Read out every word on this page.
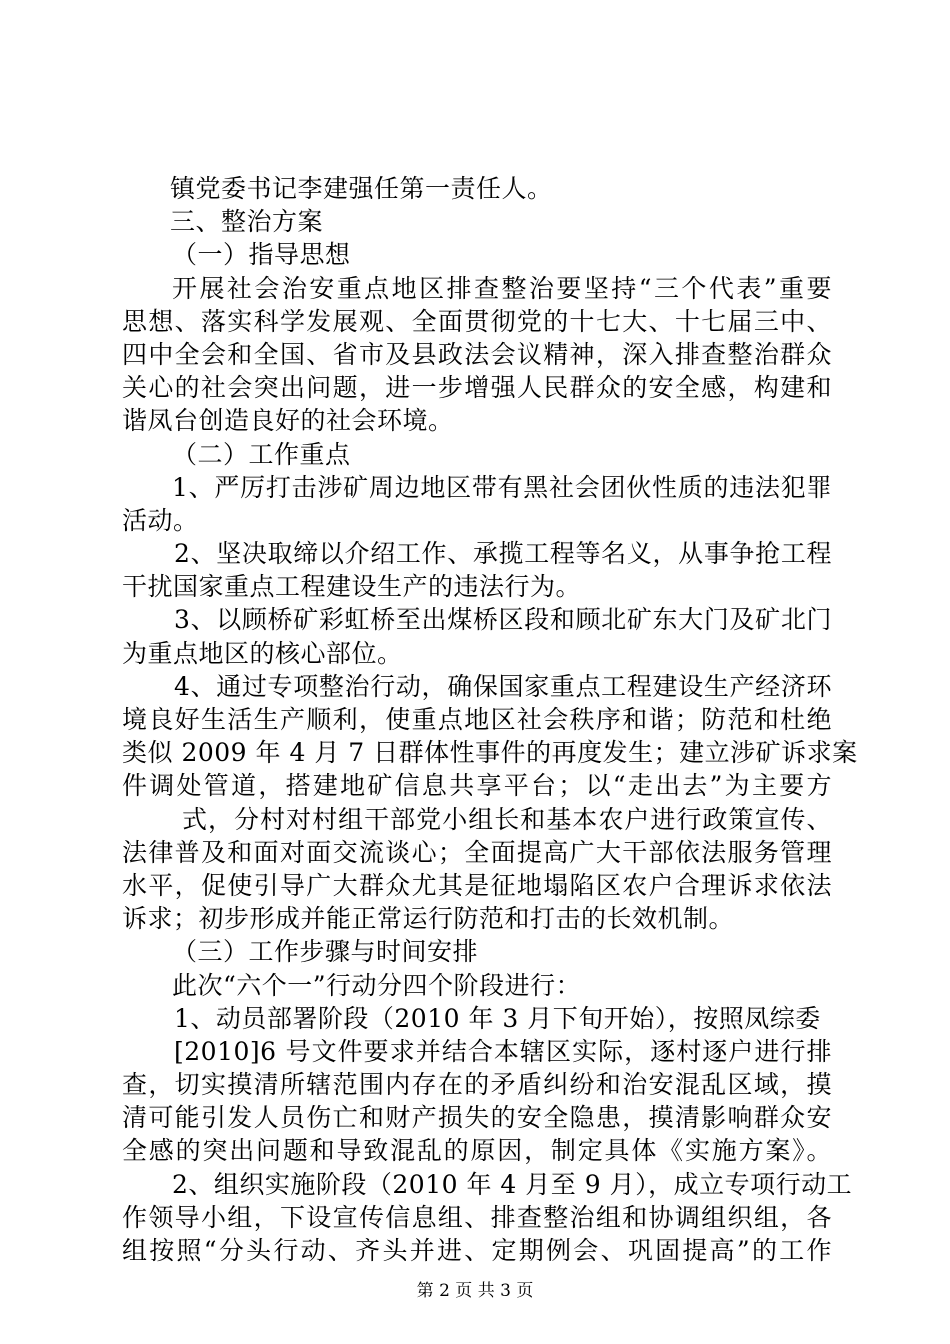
镇党委书记李建强任第一责任人。
三、整治方案
（一）指导思想
开展社会治安重点地区排查整治要坚持“三个代表”重要
思想、落实科学发展观、全面贯彻党的十七大、十七届三中、
四中全会和全国、省市及县政法会议精神，深入排查整治群众
关心的社会突出问题，进一步增强人民群众的安全感，构建和
谐凤台创造良好的社会环境。
（二）工作重点
1、严厉打击涉矿周边地区带有黑社会团伙性质的违法犯罪
活动。
2、坚决取缔以介绍工作、承揽工程等名义，从事争抢工程
干扰国家重点工程建设生产的违法行为。
3、以顾桥矿彩虹桥至出煤桥区段和顾北矿东大门及矿北门
为重点地区的核心部位。
4、通过专项整治行动，确保国家重点工程建设生产经济环
境良好生活生产顺利，使重点地区社会秩序和谐；防范和杜绝
类似 2009 年 4 月 7 日群体性事件的再度发生；建立涉矿诉求案
件调处管道，搭建地矿信息共享平台；以“走出去”为主要方
式，分村对村组干部党小组长和基本农户进行政策宣传、
法律普及和面对面交流谈心；全面提高广大干部依法服务管理
水平，促使引导广大群众尤其是征地塌陷区农户合理诉求依法
诉求；初步形成并能正常运行防范和打击的长效机制。
（三）工作步骤与时间安排
此次“六个一”行动分四个阶段进行：
1、动员部署阶段（2010 年 3 月下旬开始），按照凤综委
[2010]6 号文件要求并结合本辖区实际，逐村逐户进行排
查，切实摸清所辖范围内存在的矛盾纠纷和治安混乱区域，摸
清可能引发人员伤亡和财产损失的安全隐患，摸清影响群众安
全感的突出问题和导致混乱的原因，制定具体《实施方案》。
2、组织实施阶段（2010 年 4 月至 9 月），成立专项行动工
作领导小组，下设宣传信息组、排查整治组和协调组织组，各
组按照“分头行动、齐头并进、定期例会、巩固提高”的工作
第 2 页 共 3 页
